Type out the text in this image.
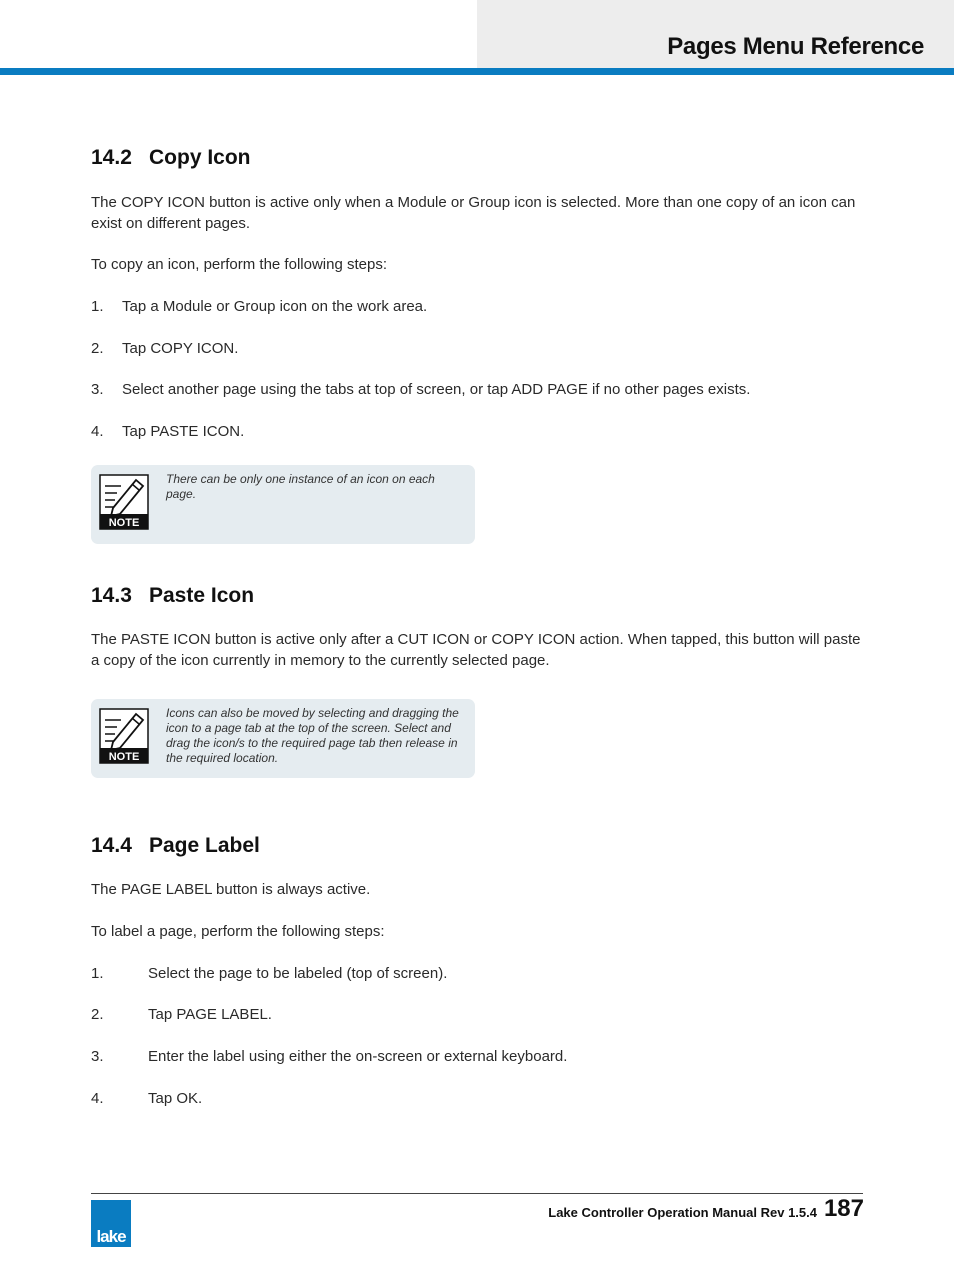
Pages Menu Reference
14.2 Copy Icon
The COPY ICON button is active only when a Module or Group icon is selected. More than one copy of an icon can exist on different pages.
To copy an icon, perform the following steps:
1. Tap a Module or Group icon on the work area.
2. Tap COPY ICON.
3. Select another page using the tabs at top of screen, or tap ADD PAGE if no other pages exists.
4. Tap PASTE ICON.
NOTE
There can be only one instance of an icon on each page.
14.3 Paste Icon
The PASTE ICON button is active only after a CUT ICON or COPY ICON action. When tapped, this button will paste a copy of the icon currently in memory to the currently selected page.
NOTE
Icons can also be moved by selecting and dragging the icon to a page tab at the top of the screen. Select and drag the icon/s to the required page tab then release in the required location.
14.4 Page Label
The PAGE LABEL button is always active.
To label a page, perform the following steps:
1.	Select the page to be labeled (top of screen).
2.	Tap PAGE LABEL.
3.	Enter the label using either the on-screen or external keyboard.
4.	Tap OK.
lake
Lake Controller Operation Manual Rev 1.5.4 187
